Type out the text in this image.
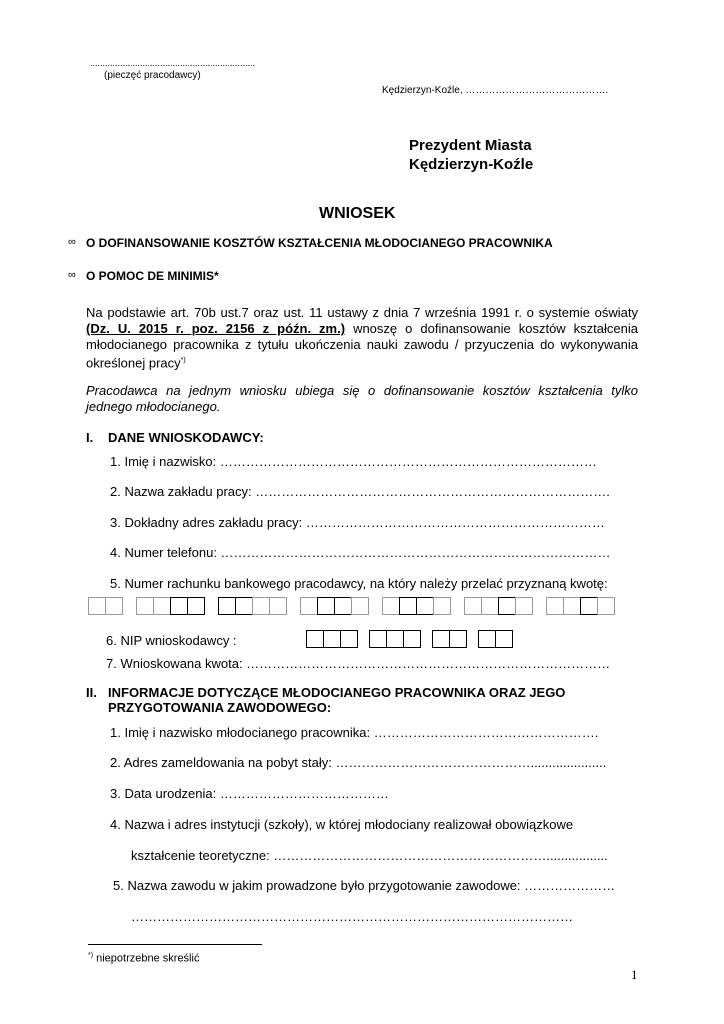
..................................................................
(pieczęć pracodawcy)
Kędzierzyn-Koźle, …………………………………….
Prezydent Miasta
Kędzierzyn-Koźle
WNIOSEK
∞ O DOFINANSOWANIE KOSZTÓW KSZTAŁCENIA MŁODOCIANEGO PRACOWNIKA
∞ O POMOC DE MINIMIS*
Na podstawie art. 70b ust.7 oraz ust. 11 ustawy z dnia 7 września 1991 r. o systemie oświaty (Dz. U. 2015 r. poz. 2156 z późn. zm.) wnoszę o dofinansowanie kosztów kształcenia młodocianego pracownika z tytułu ukończenia nauki zawodu / przyuczenia do wykonywania określonej pracy*)
Pracodawca na jednym wniosku ubiega się o dofinansowanie kosztów kształcenia tylko jednego młodocianego.
I. DANE WNIOSKODAWCY:
1. Imię i nazwisko: ……………………………………………………………………………
2. Nazwa zakładu pracy: ……………………………………………………………………….
3. Dokładny adres zakładu pracy: ……………………………………………………………
4. Numer telefonu: ………………………………………………………………………………
5. Numer rachunku bankowego pracodawcy, na który należy przelać przyznaną kwotę:
6. NIP wnioskodawcy :
7. Wnioskowana kwota: …………………………………………………………………………
II. INFORMACJE DOTYCZĄCE MŁODOCIANEGO PRACOWNIKA ORAZ JEGO
PRZYGOTOWANIA ZAWODOWEGO:
1. Imię i nazwisko młodocianego pracownika: …………………………………………….
2. Adres zameldowania na pobyt stały: ……………………………………….....................
3. Data urodzenia: …………………………………
4. Nazwa i adres instytucji (szkoły), w której młodociany realizował obowiązkowe
kształcenie teoretyczne: ……………………………………………………….................
5. Nazwa zawodu w jakim prowadzone było przygotowanie zawodowe: …………………
…………………………………………………………………………………………
*) niepotrzebne skreślić
1
